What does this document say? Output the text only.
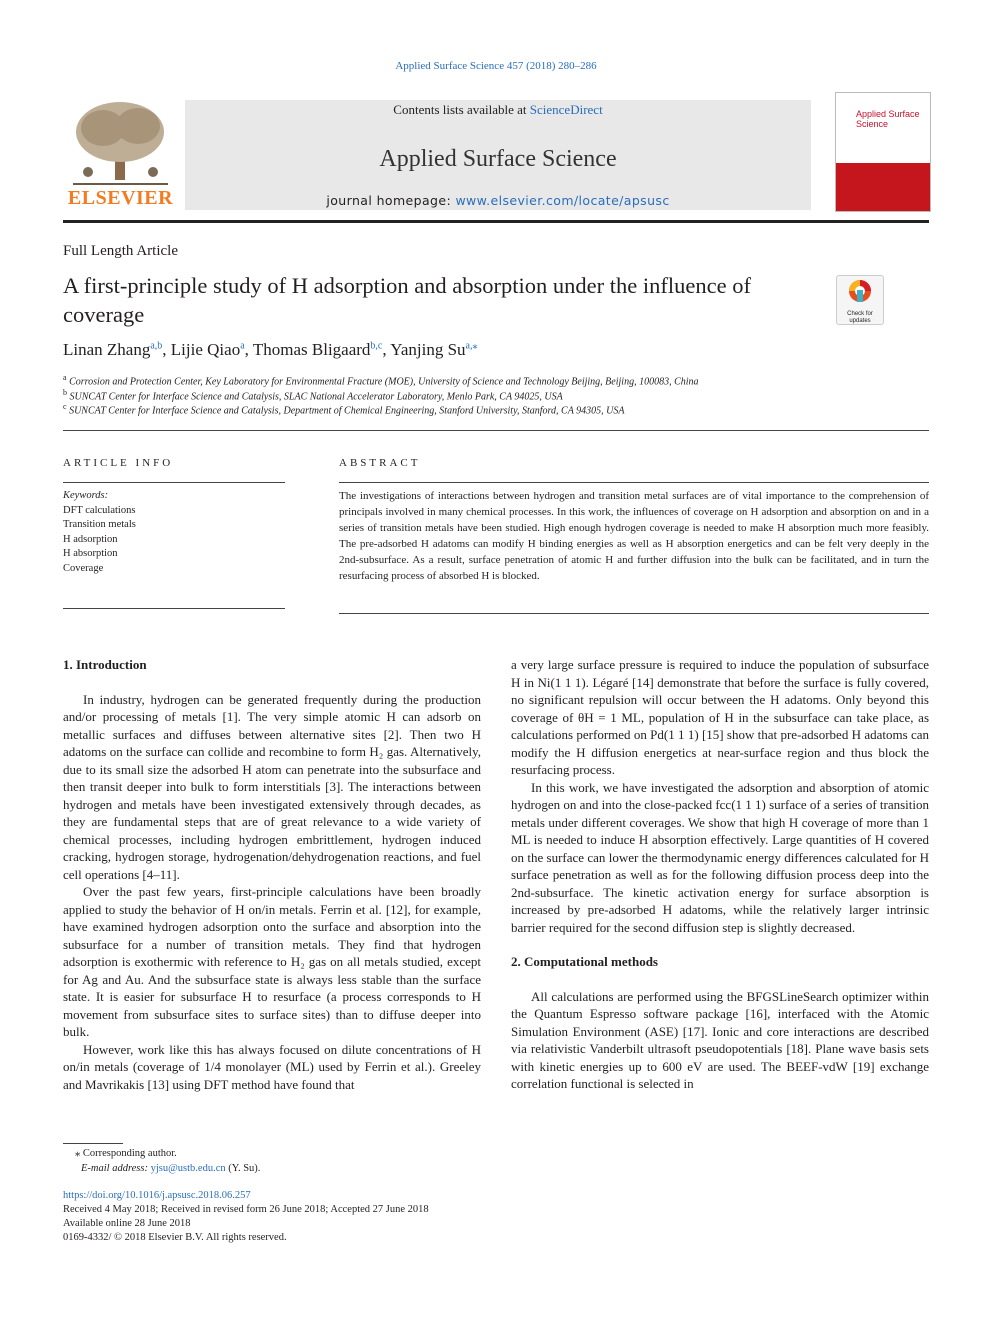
Applied Surface Science 457 (2018) 280–286
ELSEVIER
Contents lists available at ScienceDirect
Applied Surface Science
journal homepage: www.elsevier.com/locate/apsusc
Applied Surface Science
Full Length Article
A first-principle study of H adsorption and absorption under the influence of coverage	Check for updates
Linan Zhang$^{a,b}$, Lijie Qiao$^a$, Thomas Bligaard$^{b,c}$, Yanjing $Su^{a,⁎}$
$^a$ Corrosion and Protection Center, Key Laboratory for Environmental Fracture (MOE), University of Science and Technology Beijing, Beijing, 100083, China
$^b$ SUNCAT Center for Interface Science and Catalysis, SLAC National Accelerator Laboratory, Menlo Park, CA 94025, USA
$^c$ SUNCAT Center for Interface Science and Catalysis, Department of Chemical Engineering, Stanford University, Stanford, CA 94305, USA
ARTICLE INFO
Keywords:
DFT calculations
Transition metals
H adsorption
H absorption
Coverage
ABSTRACT
The investigations of interactions between hydrogen and transition metal surfaces are of vital importance to the comprehension of principals involved in many chemical processes. In this work, the influences of coverage on H adsorption and absorption on and in a series of transition metals have been studied. High enough hydrogen coverage is needed to make H absorption much more feasibly. The pre-adsorbed H adatoms can modify H binding energies as well as H absorption energetics and can be felt very deeply in the 2nd-subsurface. As a result, surface penetration of atomic H and further diffusion into the bulk can be facilitated, and in turn the resurfacing process of absorbed H is blocked.
1. Introduction

In industry, hydrogen can be generated frequently during the production and/or processing of metals [1]. The very simple atomic H can adsorb on metallic surfaces and diffuses between alternative sites [2]. Then two H adatoms on the surface can collide and recombine to form H₂ gas. Alternatively, due to its small size the adsorbed H atom can penetrate into the subsurface and then transit deeper into bulk to form interstitials [3]. The interactions between hydrogen and metals have been investigated extensively through decades, as they are fundamental steps that are of great relevance to a wide variety of chemical processes, including hydrogen embrittlement, hydrogen induced cracking, hydrogen storage, hydrogenation/dehydrogenation reactions, and fuel cell operations [4–11].

Over the past few years, first-principle calculations have been broadly applied to study the behavior of H on/in metals. Ferrin et al. [12], for example, have examined hydrogen adsorption onto the surface and absorption into the subsurface for a number of transition metals. They find that hydrogen adsorption is exothermic with reference to H₂ gas on all metals studied, except for Ag and Au. And the subsurface state is always less stable than the surface state. It is easier for subsurface H to resurface (a process corresponds to H movement from subsurface sites to surface sites) than to diffuse deeper into bulk.

However, work like this has always focused on dilute concentrations of H on/in metals (coverage of 1/4 monolayer (ML) used by Ferrin et al.). Greeley and Mavrikakis [13] using DFT method have found that

a very large surface pressure is required to induce the population of subsurface H in Ni(1 1 1). Légaré [14] demonstrate that before the surface is fully covered, no significant repulsion will occur between the H adatoms. Only beyond this coverage of θH = 1 ML, population of H in the subsurface can take place, as calculations performed on Pd(1 1 1) [15] show that pre-adsorbed H adatoms can modify the H diffusion energetics at near-surface region and thus block the resurfacing process.

In this work, we have investigated the adsorption and absorption of atomic hydrogen on and into the close-packed fcc(1 1 1) surface of a series of transition metals under different coverages. We show that high H coverage of more than 1 ML is needed to induce H absorption effectively. Large quantities of H covered on the surface can lower the thermodynamic energy differences calculated for H surface penetration as well as for the following diffusion process deep into the 2nd-subsurface. The kinetic activation energy for surface absorption is increased by pre-adsorbed H adatoms, while the relatively larger intrinsic barrier required for the second diffusion step is slightly decreased.

2. Computational methods

All calculations are performed using the BFGSLineSearch optimizer within the Quantum Espresso software package [16], interfaced with the Atomic Simulation Environment (ASE) [17]. Ionic and core interactions are described via relativistic Vanderbilt ultrasoft pseudopotentials [18]. Plane wave basis sets with kinetic energies up to 600 eV are used. The BEEF-vdW [19] exchange correlation functional is selected in

⁎ Corresponding author.
E-mail address: yjsu@ustb.edu.cn (Y. Su).
https://doi.org/10.1016/j.apsusc.2018.06.257
Received 4 May 2018; Received in revised form 26 June 2018; Accepted 27 June 2018
Available online 28 June 2018
0169-4332/ © 2018 Elsevier B.V. All rights reserved.
